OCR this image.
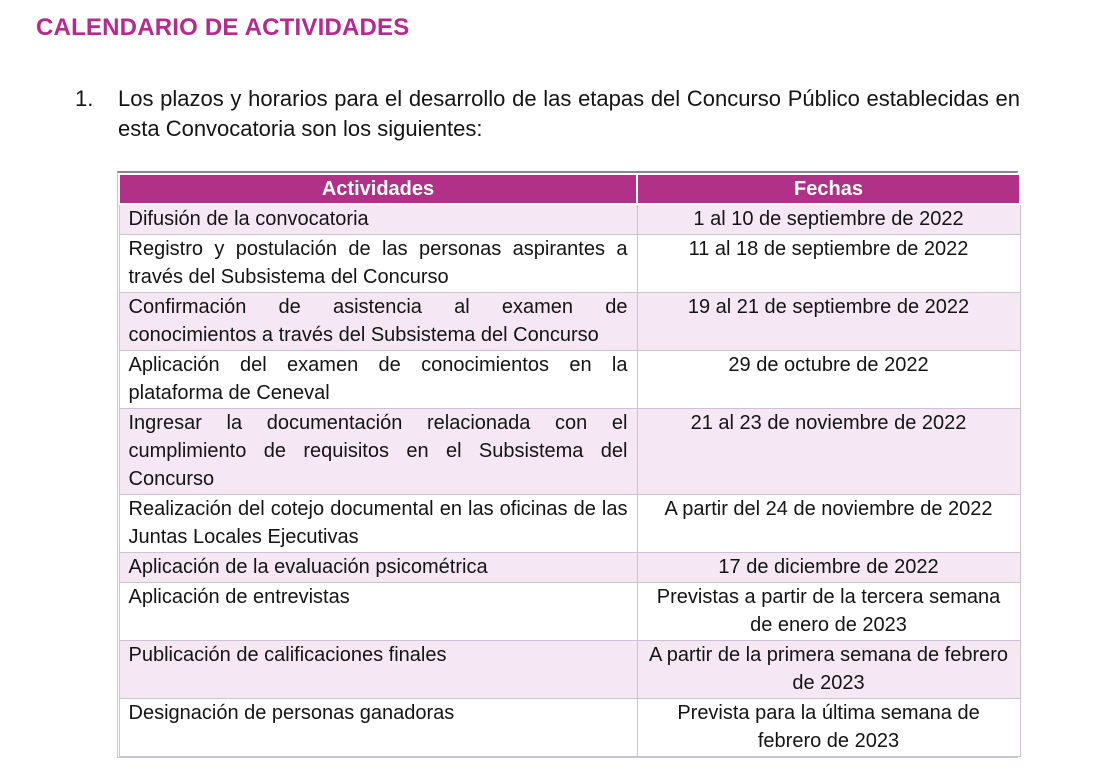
CALENDARIO DE ACTIVIDADES
1.	Los plazos y horarios para el desarrollo de las etapas del Concurso Público establecidas en esta Convocatoria son los siguientes:
Actividades	Fechas
Difusión de la convocatoria	1 al 10 de septiembre de 2022
Registro y postulación de las personas aspirantes a través del Subsistema del Concurso	11 al 18 de septiembre de 2022
Confirmación de asistencia al examen de conocimientos a través del Subsistema del Concurso	19 al 21 de septiembre de 2022
Aplicación del examen de conocimientos en la plataforma de Ceneval	29 de octubre de 2022
Ingresar la documentación relacionada con el cumplimiento de requisitos en el Subsistema del Concurso	21 al 23 de noviembre de 2022
Realización del cotejo documental en las oficinas de las Juntas Locales Ejecutivas	A partir del 24 de noviembre de 2022
Aplicación de la evaluación psicométrica	17 de diciembre de 2022
Aplicación de entrevistas	Previstas a partir de la tercera semana de enero de 2023
Publicación de calificaciones finales	A partir de la primera semana de febrero de 2023
Designación de personas ganadoras	Prevista para la última semana de febrero de 2023
